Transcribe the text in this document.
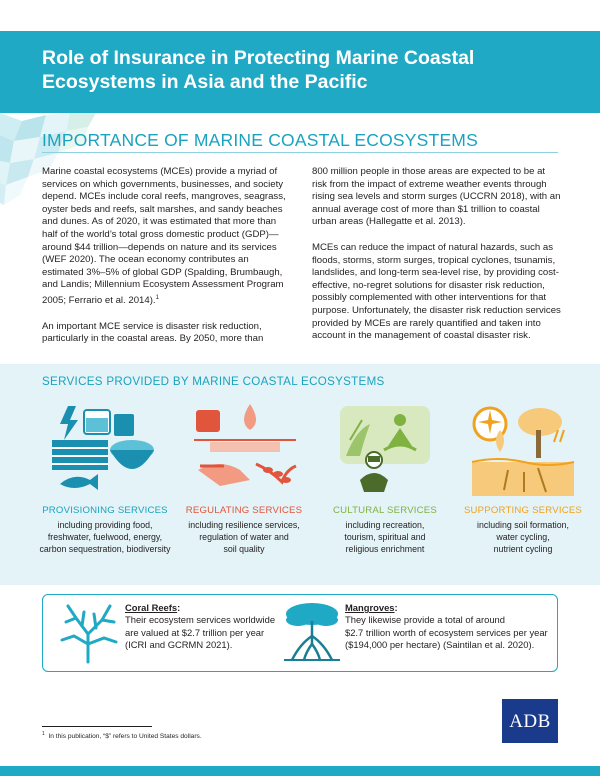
Role of Insurance in Protecting Marine Coastal
Ecosystems in Asia and the Pacific
IMPORTANCE OF MARINE COASTAL ECOSYSTEMS

Marine coastal ecosystems (MCEs) provide a myriad of services on which governments, businesses, and society depend. MCEs include coral reefs, mangroves, seagrass, oyster beds and reefs, salt marshes, and sandy beaches and dunes. As of 2020, it was estimated that more than half of the world’s total gross domestic product (GDP)—around $44 trillion—depends on nature and its services (WEF 2020). The ocean economy contributes an estimated 3%–5% of global GDP (Spalding, Brumbaugh, and Landis; Millennium Ecosystem Assessment Program 2005; Ferrario et al. 2014).$^1$

An important MCE service is disaster risk reduction, particularly in the coastal areas. By 2050, more than

800 million people in those areas are expected to be at risk from the impact of extreme weather events through rising sea levels and storm surges (UCCRN 2018), with an annual average cost of more than $1 trillion to coastal urban areas (Hallegatte et al. 2013).

MCEs can reduce the impact of natural hazards, such as floods, storms, storm surges, tropical cyclones, tsunamis, landslides, and long-term sea-level rise, by providing cost-effective, no-regret solutions for disaster risk reduction, possibly complemented with other interventions for that purpose. Unfortunately, the disaster risk reduction services provided by MCEs are rarely quantified and taken into account in the management of coastal disaster risk.

SERVICES PROVIDED BY MARINE COASTAL ECOSYSTEMS
PROVISIONING SERVICES
including providing food,
freshwater, fuelwood, energy,
carbon sequestration, biodiversity
REGULATING SERVICES
including resilience services,
regulation of water and
soil quality
CULTURAL SERVICES
including recreation,
tourism, spiritual and
religious enrichment
SUPPORTING SERVICES
including soil formation,
water cycling,
nutrient cycling
Coral Reefs:
Their ecosystem services worldwide
are valued at $2.7 trillion per year
(ICRI and GCRMN 2021).
Mangroves:
They likewise provide a total of around
$2.7 trillion worth of ecosystem services per year
($194,000 per hectare) (Saintilan et al. 2020).
$^1$ In this publication, “$” refers to United States dollars.
ADB
